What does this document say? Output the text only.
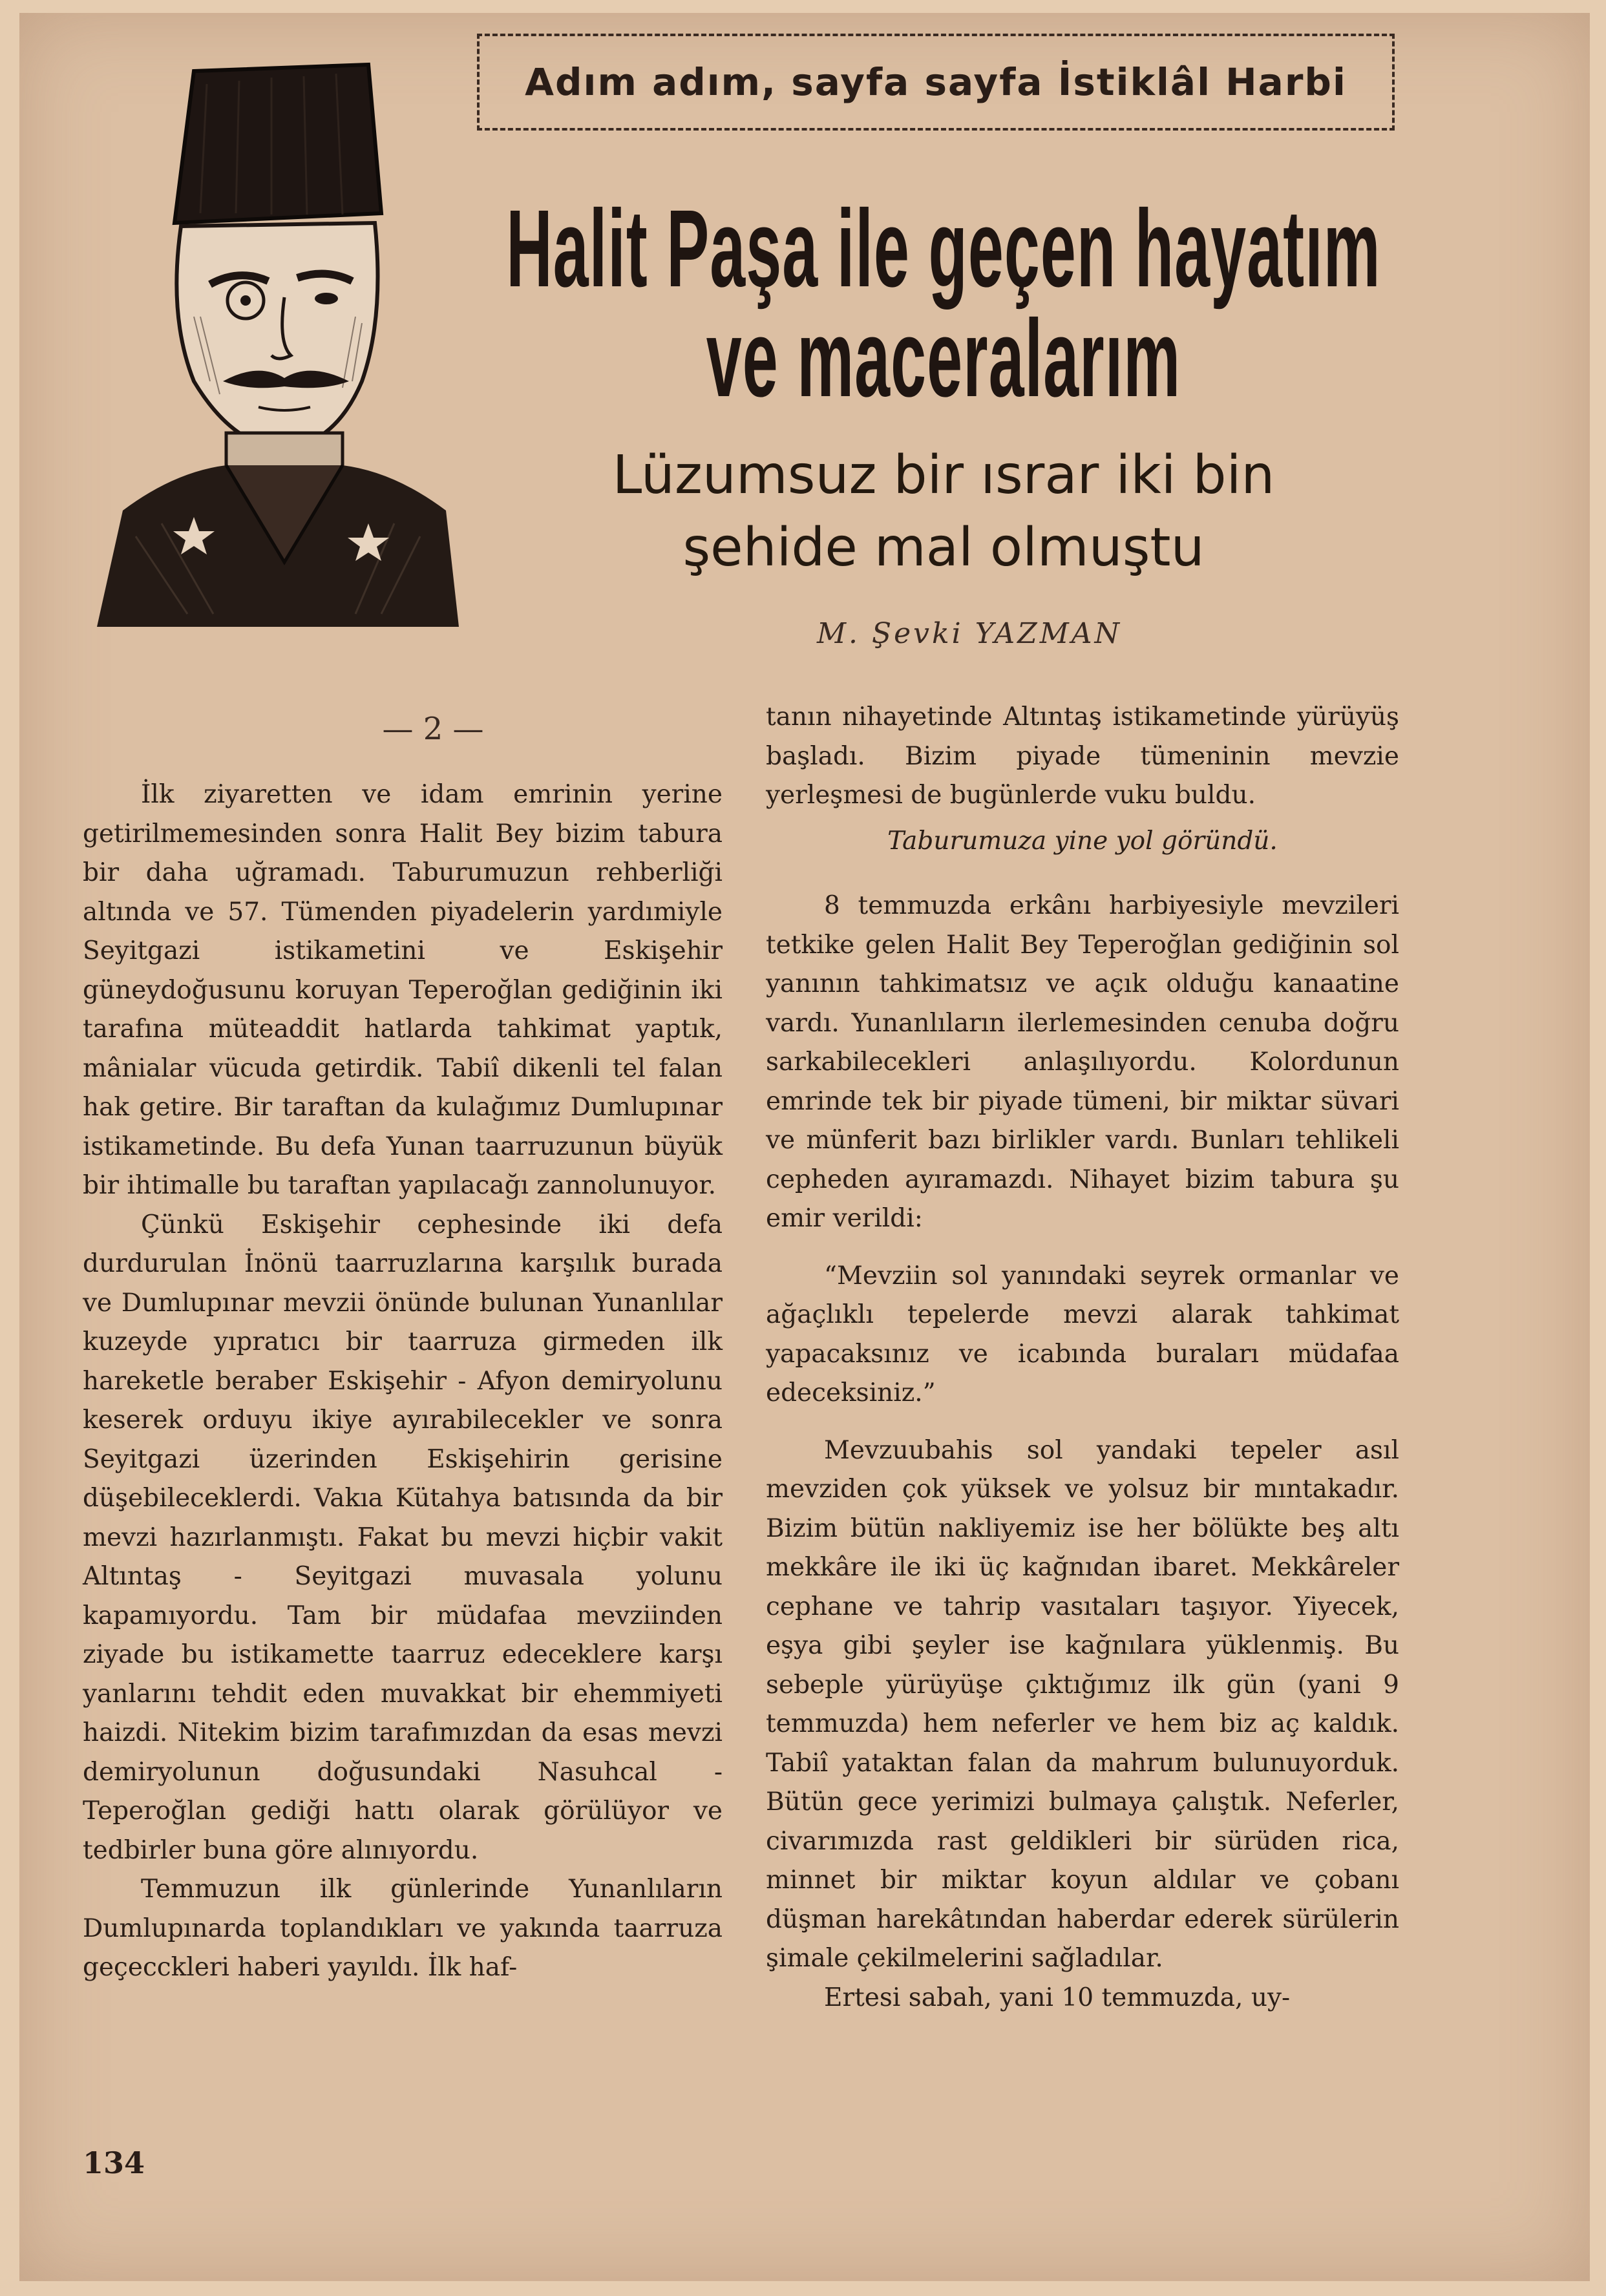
Adım adım, sayfa sayfa İstiklâl Harbi
Halit Paşa ile geçen hayatım
ve maceralarım
Lüzumsuz bir ısrar iki bin
şehide mal olmuştu
M. Şevki YAZMAN
— 2 —

İlk ziyaretten ve idam emrinin yerine getirilmemesinden sonra Halit Bey bizim tabura bir daha uğramadı. Taburumuzun rehberliği altında ve 57. Tümenden piyadelerin yardımiyle Seyitgazi istikametini ve Eskişehir güneydoğusunu koruyan Teperoğlan gediğinin iki tarafına müteaddit hatlarda tahkimat yaptık, mânialar vücuda getirdik. Tabiî dikenli tel falan hak getire. Bir taraftan da kulağımız Dumlupınar istikametinde. Bu defa Yunan taarruzunun büyük bir ihtimalle bu taraftan yapılacağı zannolunuyor.

Çünkü Eskişehir cephesinde iki defa durdurulan İnönü taarruzlarına karşılık burada ve Dumlupınar mevzii önünde bulunan Yunanlılar kuzeyde yıpratıcı bir taarruza girmeden ilk hareketle beraber Eskişehir - Afyon demiryolunu keserek orduyu ikiye ayırabilecekler ve sonra Seyitgazi üzerinden Eskişehirin gerisine düşebileceklerdi. Vakıa Kütahya batısında da bir mevzi hazırlanmıştı. Fakat bu mevzi hiçbir vakit Altıntaş - Seyitgazi muvasala yolunu kapamıyordu. Tam bir müdafaa mevziinden ziyade bu istikamette taarruz edeceklere karşı yanlarını tehdit eden muvakkat bir ehemmiyeti haizdi. Nitekim bizim tarafımızdan da esas mevzi demiryolunun doğusundaki Nasuhcal - Teperoğlan gediği hattı olarak görülüyor ve tedbirler buna göre alınıyordu.

Temmuzun ilk günlerinde Yunanlıların Dumlupınarda toplandıkları ve yakında taarruza geçecckleri haberi yayıldı. İlk haf-

tanın nihayetinde Altıntaş istikametinde yürüyüş başladı. Bizim piyade tümeninin mevzie yerleşmesi de bugünlerde vuku buldu.

Taburumuza yine yol göründü.

8 temmuzda erkânı harbiyesiyle mevzileri tetkike gelen Halit Bey Teperoğlan gediğinin sol yanının tahkimatsız ve açık olduğu kanaatine vardı. Yunanlıların ilerlemesinden cenuba doğru sarkabilecekleri anlaşılıyordu. Kolordunun emrinde tek bir piyade tümeni, bir miktar süvari ve münferit bazı birlikler vardı. Bunları tehlikeli cepheden ayıramazdı. Nihayet bizim tabura şu emir verildi:

“Mevziin sol yanındaki seyrek ormanlar ve ağaçlıklı tepelerde mevzi alarak tahkimat yapacaksınız ve icabında buraları müdafaa edeceksiniz.”

Mevzuubahis sol yandaki tepeler asıl mevziden çok yüksek ve yolsuz bir mıntakadır. Bizim bütün nakliyemiz ise her bölükte beş altı mekkâre ile iki üç kağnıdan ibaret. Mekkâreler cephane ve tahrip vasıtaları taşıyor. Yiyecek, eşya gibi şeyler ise kağnılara yüklenmiş. Bu sebeple yürüyüşe çıktığımız ilk gün (yani 9 temmuzda) hem neferler ve hem biz aç kaldık. Tabiî yataktan falan da mahrum bulunuyorduk. Bütün gece yerimizi bulmaya çalıştık. Neferler, civarımızda rast geldikleri bir sürüden rica, minnet bir miktar koyun aldılar ve çobanı düşman harekâtından haberdar ederek sürülerin şimale çekilmelerini sağladılar.

Ertesi sabah, yani 10 temmuzda, uy-

134
